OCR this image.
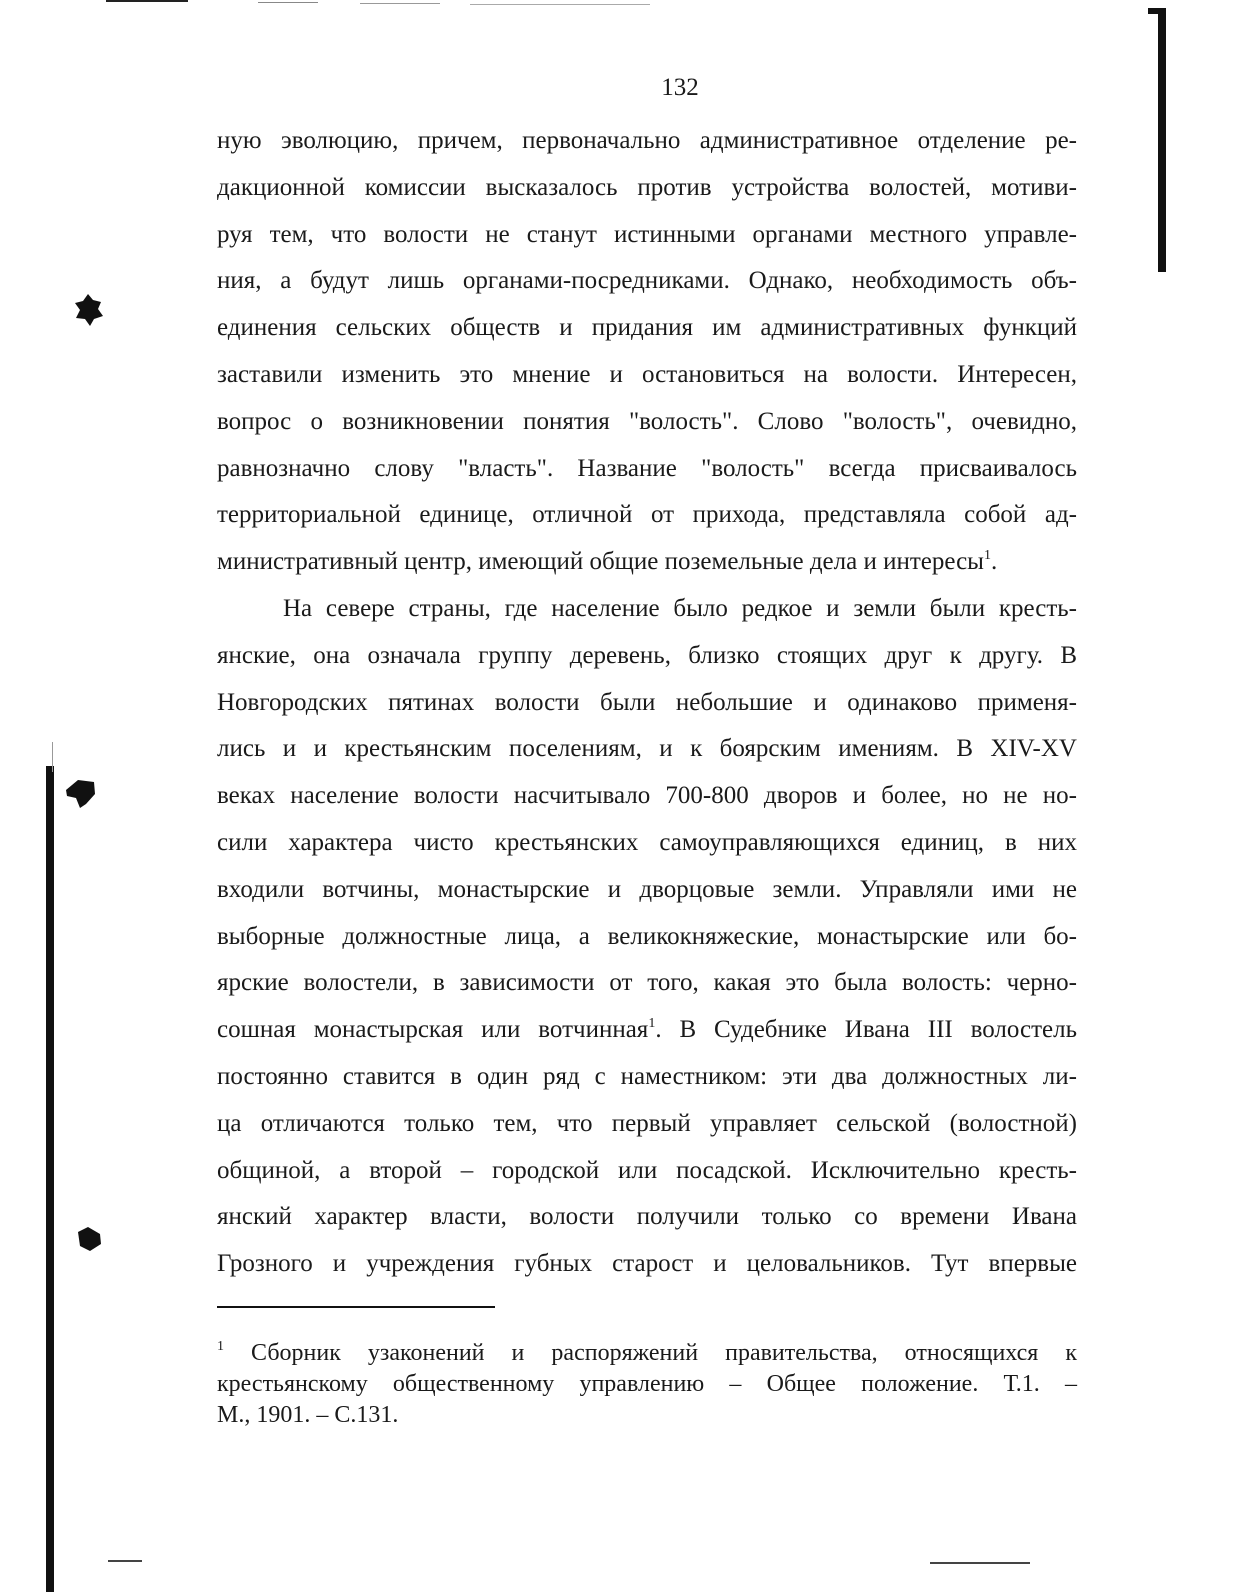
132
ную эволюцию, причем, первоначально административное отделение ре-
дакционной комиссии высказалось против устройства волостей, мотиви-
руя тем, что волости не станут истинными органами местного управле-
ния, а будут лишь органами-посредниками. Однако, необходимость объ-
единения сельских обществ и придания им административных функций
заставили изменить это мнение и остановиться на волости. Интересен,
вопрос о возникновении понятия "волость". Слово "волость", очевидно,
равнозначно слову "власть". Название "волость" всегда присваивалось
территориальной единице, отличной от прихода, представляла собой ад-
министративный центр, имеющий общие поземельные дела и интересы$^1$.
На севере страны, где население было редкое и земли были кресть-
янские, она означала группу деревень, близко стоящих друг к другу. В
Новгородских пятинах волости были небольшие и одинаково применя-
лись и и крестьянским поселениям, и к боярским имениям. В XIV-XV
веках население волости насчитывало 700-800 дворов и более, но не но-
сили характера чисто крестьянских самоуправляющихся единиц, в них
входили вотчины, монастырские и дворцовые земли. Управляли ими не
выборные должностные лица, а великокняжеские, монастырские или бо-
ярские волостели, в зависимости от того, какая это была волость: черно-
сошная монастырская или вотчинная$^1$. В Судебнике Ивана III волостель
постоянно ставится в один ряд с наместником: эти два должностных ли-
ца отличаются только тем, что первый управляет сельской (волостной)
общиной, а второй – городской или посадской. Исключительно кресть-
янский характер власти, волости получили только со времени Ивана
Грозного и учреждения губных старост и целовальников. Тут впервые
$^1$ Сборник узаконений и распоряжений правительства, относящихся к
крестьянскому общественному управлению – Общее положение. Т.1. –
М., 1901. – С.131.
